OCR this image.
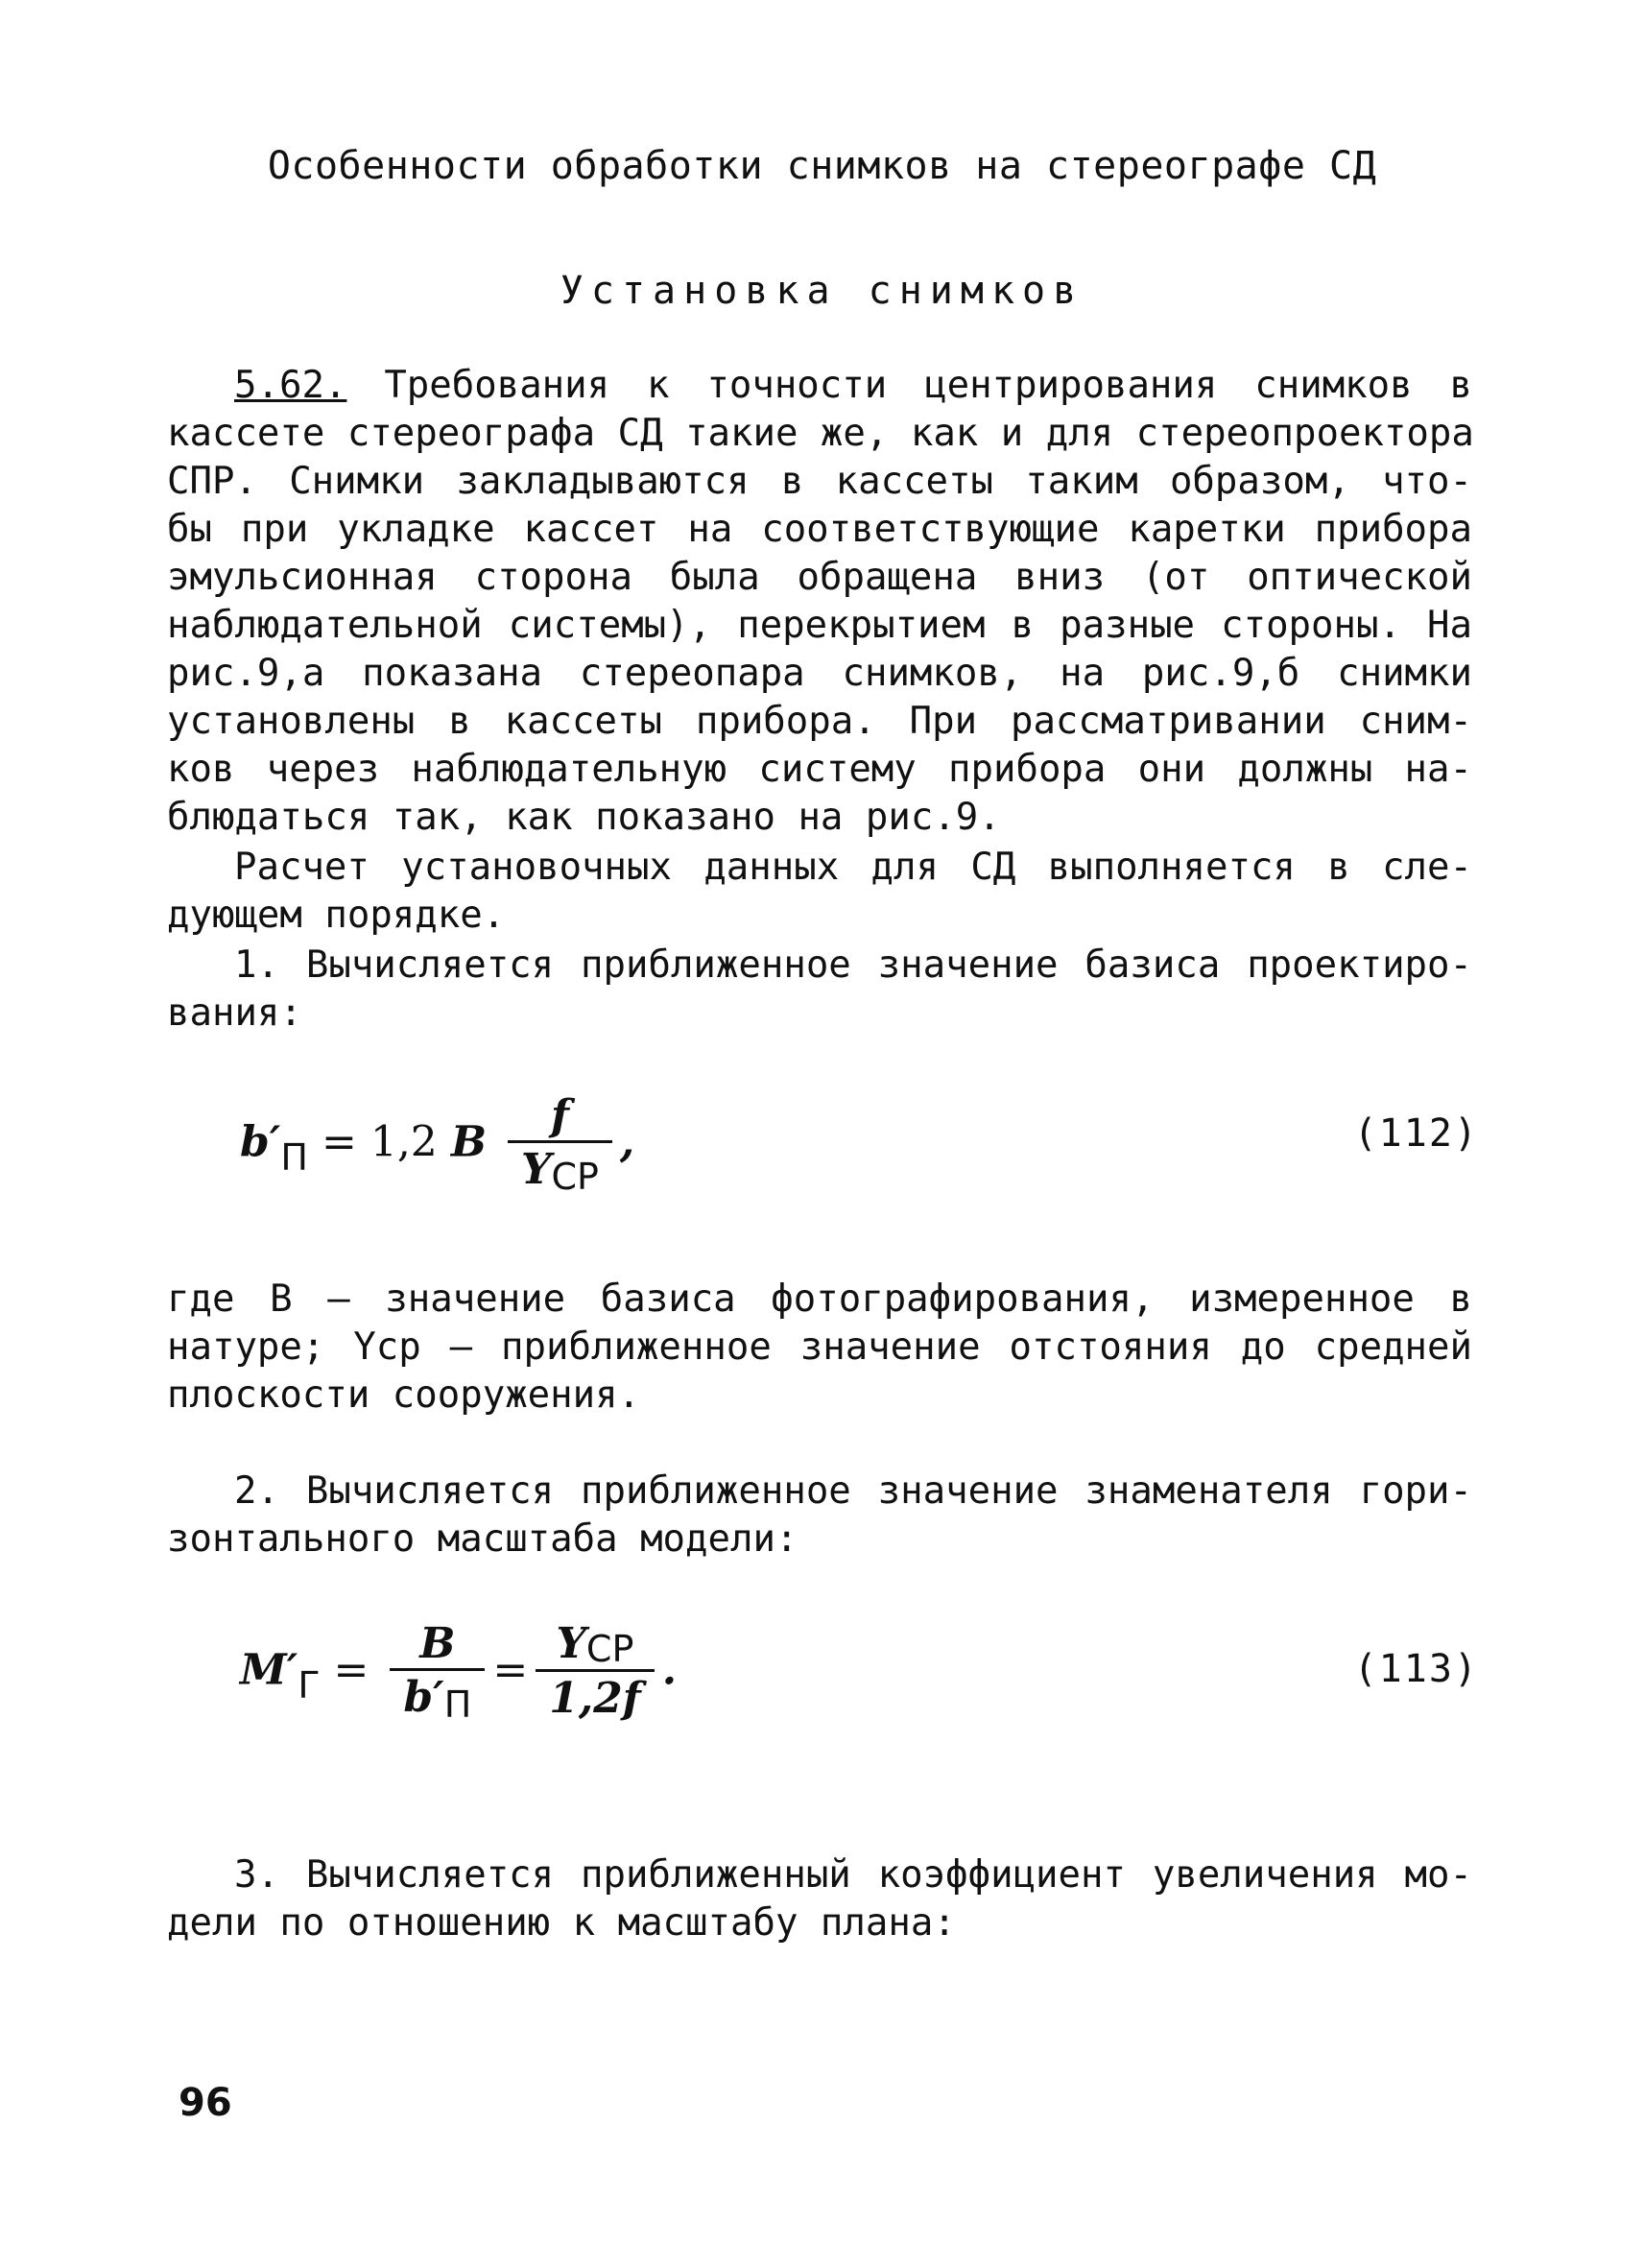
Особенности обработки снимков на стереографе СД
Установка снимков
5.62. Требования к точности центрирования снимков в
кассете стереографа СД такие же, как и для стереопроектора
СПР. Снимки закладываются в кассеты таким образом, что-
бы при укладке кассет на соответствующие каретки прибора
эмульсионная сторона была обращена вниз (от оптической
наблюдательной системы), перекрытием в разные стороны. На
рис.9,а показана стереопара снимков, на рис.9,б снимки
установлены в кассеты прибора. При рассматривании сним-
ков через наблюдательную систему прибора они должны на-
блюдаться так, как показано на рис.9.
Расчет установочных данных для СД выполняется в сле-
дующем порядке.
1. Вычисляется приближенное значение базиса проектиро-
вания:
b′П = 1,2 B $\frac{f}{\text{YСР}}$ ,	(112)
где B – значение базиса фотографирования, измеренное в
натуре; Yср – приближенное значение отстояния до средней
плоскости сооружения.
2. Вычисляется приближенное значение знаменателя гори-
зонтального масштаба модели:
$M'Г = \frac{B}{b'П} = \frac{\text{YСР}}{1,2f}$ .	(113)
3. Вычисляется приближенный коэффициент увеличения мо-
дели по отношению к масштабу плана:
96
